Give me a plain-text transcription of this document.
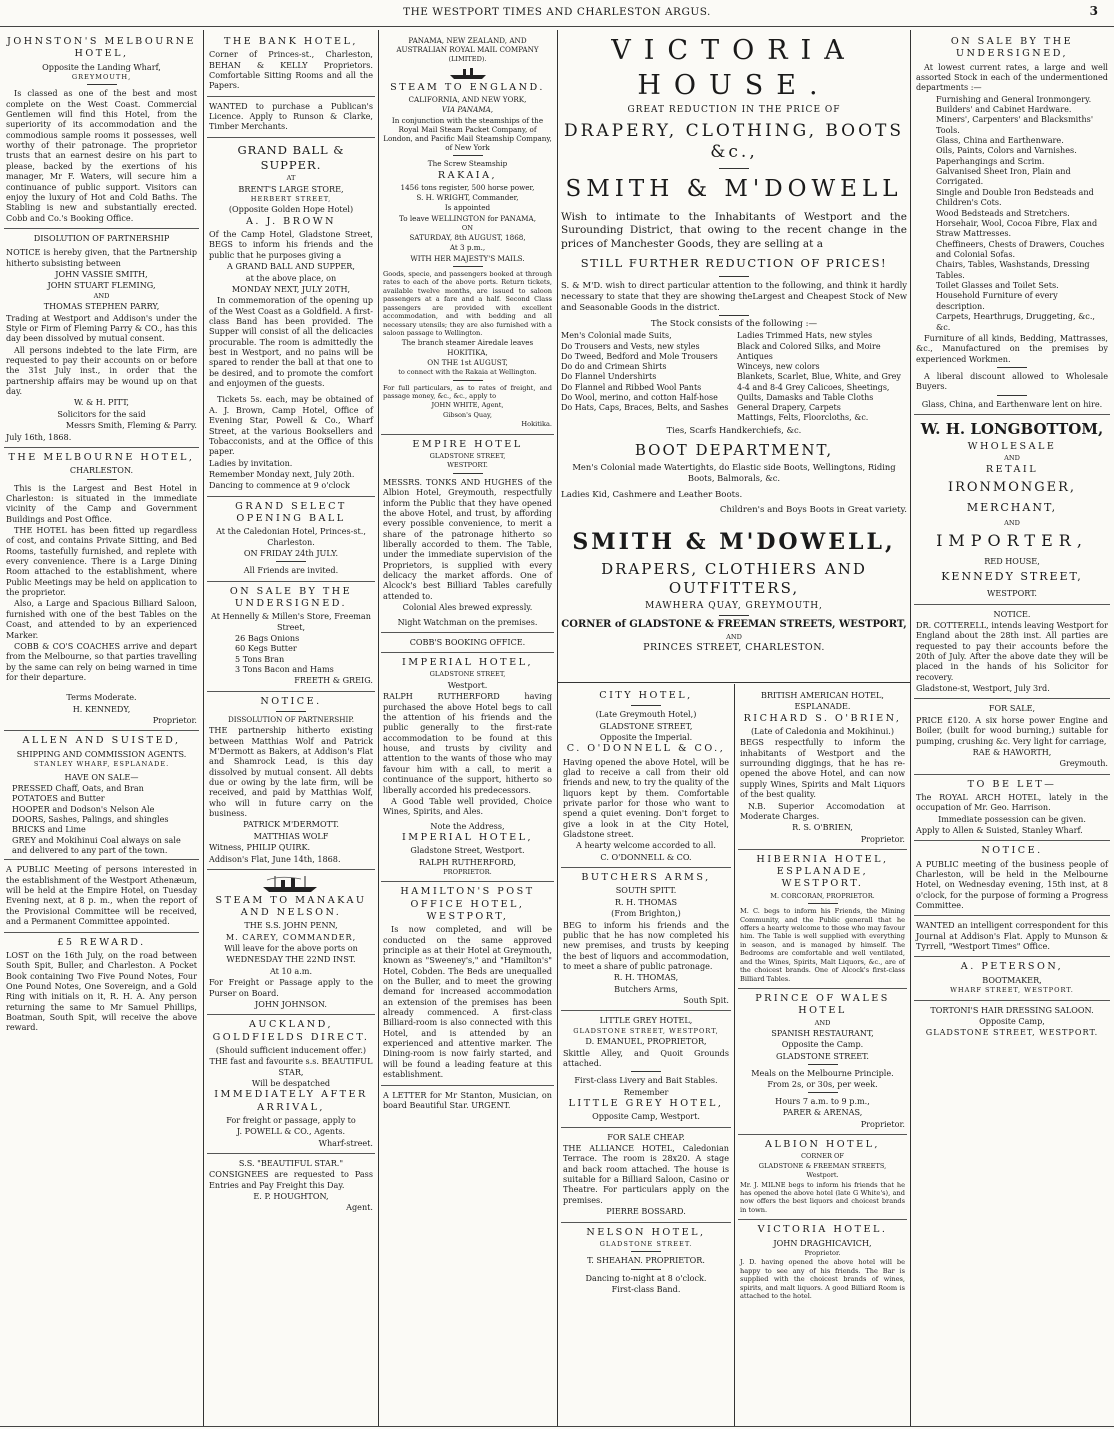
THE WESTPORT TIMES AND CHARLESTON ARGUS.	3
JOHNSTON'S MELBOURNE HOTEL,

Opposite the Landing Wharf,

GREYMOUTH,

Is classed as one of the best and most complete on the West Coast. Commercial Gentlemen will find this Hotel, from the superiority of its accommodation and the commodious sample rooms it possesses, well worthy of their patronage. The proprietor trusts that an earnest desire on his part to please, backed by the exertions of his manager, Mr F. Waters, will secure him a continuance of public support. Visitors can enjoy the luxury of Hot and Cold Baths. The Stabling is new and substantially erected. Cobb and Co.'s Booking Office.

DISOLUTION OF PARTNERSHIP

NOTICE is hereby given, that the Partnership hitherto subsisting between

JOHN VASSIE SMITH,

JOHN STUART FLEMING,

AND

THOMAS STEPHEN PARRY,

Trading at Westport and Addison's under the Style or Firm of Fleming Parry & CO., has this day been dissolved by mutual consent.

All persons indebted to the late Firm, are requested to pay their accounts on or before the 31st July inst., in order that the partnership affairs may be wound up on that day.

W. & H. PITT,

Solicitors for the said

Messrs Smith, Fleming & Parry.

July 16th, 1868.

THE MELBOURNE HOTEL,

CHARLESTON.

This is the Largest and Best Hotel in Charleston: is situated in the immediate vicinity of the Camp and Government Buildings and Post Office.

THE HOTEL has been fitted up regardless of cost, and contains Private Sitting, and Bed Rooms, tastefully furnished, and replete with every convenience. There is a Large Dining Room attached to the establishment, where Public Meetings may be held on application to the proprietor.

Also, a Large and Spacious Billiard Saloon, furnished with one of the best Tables on the Coast, and attended to by an experienced Marker.

COBB & CO'S COACHES arrive and depart from the Melbourne, so that parties travelling by the same can rely on being warned in time for their departure.

Terms Moderate.

H. KENNEDY,

Proprietor.

ALLEN AND SUISTED,

SHIPPING AND COMMISSION AGENTS.

STANLEY WHARF, ESPLANADE.

HAVE ON SALE—

PRESSED Chaff, Oats, and Bran

POTATOES and Butter

HOOPER and Dodson's Nelson Ale

DOORS, Sashes, Palings, and shingles

BRICKS and Lime

GREY and Mokihinui Coal always on sale and delivered to any part of the town.

A PUBLIC Meeting of persons interested in the establishment of the Westport Athenæum, will be held at the Empire Hotel, on Tuesday Evening next, at 8 p. m., when the report of the Provisional Committee will be received, and a Permanent Committee appointed.

£5 REWARD.

LOST on the 16th July, on the road between South Spit, Buller, and Charleston. A Pocket Book containing Two Five Pound Notes, Four One Pound Notes, One Sovereign, and a Gold Ring with initials on it, R. H. A. Any person returning the same to Mr Samuel Phillips, Boatman, South Spit, will receive the above reward.

THE BANK HOTEL,

Corner of Princes-st., Charleston, BEHAN & KELLY Proprietors. Comfortable Sitting Rooms and all the Papers.

WANTED to purchase a Publican's Licence. Apply to Runson & Clarke, Timber Merchants.

GRAND BALL & SUPPER.

AT

BRENT'S LARGE STORE,

HERBERT STREET,

(Opposite Golden Hope Hotel)

A. J. BROWN

Of the Camp Hotel, Gladstone Street, BEGS to inform his friends and the public that he purposes giving a

A GRAND BALL AND SUPPER,

at the above place, on

MONDAY NEXT, JULY 20TH,

In commemoration of the opening up of the West Coast as a Goldfield. A first-class Band has been provided. The Supper will consist of all the delicacies procurable. The room is admittedly the best in Westport, and no pains will be spared to render the ball at that one to be desired, and to promote the comfort and enjoymen of the guests.

Tickets 5s. each, may be obtained of A. J. Brown, Camp Hotel, Office of Evening Star, Powell & Co., Wharf Street, at the various Booksellers and Tobacconists, and at the Office of this paper.

Ladies by invitation.

Remember Monday next, July 20th.

Dancing to commence at 9 o'clock

GRAND SELECT OPENING BALL

At the Caledonian Hotel, Princes-st., Charleston.

ON FRIDAY 24th JULY.

All Friends are invited.

ON SALE BY THE UNDERSIGNED.

At Hennelly & Millen's Store, Freeman Street,

26 Bags Onions

60 Kegs Butter

5 Tons Bran

3 Tons Bacon and Hams

FREETH & GREIG.

NOTICE.

DISSOLUTION OF PARTNERSHIP.

THE partnership hitherto existing between Matthias Wolf and Patrick M'Dermott as Bakers, at Addison's Flat and Shamrock Lead, is this day dissolved by mutual consent. All debts due or owing by the late firm, will be received, and paid by Matthias Wolf, who will in future carry on the business.

PATRICK M'DERMOTT.

MATTHIAS WOLF

Witness, PHILIP QUIRK.

Addison's Flat, June 14th, 1868.

STEAM TO MANAKAU AND NELSON.

THE S.S. JOHN PENN,

M. CAREY, COMMANDER,

Will leave for the above ports on

WEDNESDAY THE 22ND INST.

At 10 a.m.

For Freight or Passage apply to the Purser on Board.

JOHN JOHNSON.

AUCKLAND, GOLDFIELDS DIRECT.

(Should sufficient inducement offer.)

THE fast and favourite s.s. BEAUTIFUL STAR,

Will be despatched

IMMEDIATELY AFTER ARRIVAL,

For freight or passage, apply to

J. POWELL & CO., Agents.

Wharf-street.

S.S. "BEAUTIFUL STAR."

CONSIGNEES are requested to Pass Entries and Pay Freight this Day.

E. P. HOUGHTON,

Agent.

PANAMA, NEW ZEALAND, AND AUSTRALIAN ROYAL MAIL COMPANY

(LIMITED).

STEAM TO ENGLAND.

CALIFORNIA, AND NEW YORK,

VIA PANAMA,

In conjunction with the steamships of the Royal Mail Steam Packet Company, of London, and Pacific Mail Steamship Company, of New York

The Screw Steamship

RAKAIA,

1456 tons register, 500 horse power,

S. H. WRIGHT, Commander,

Is appointed

To leave WELLINGTON for PANAMA,

ON

SATURDAY, 8th AUGUST, 1868,

At 3 p.m.,

WITH HER MAJESTY'S MAILS.

Goods, specie, and passengers booked at through rates to each of the above ports. Return tickets, available twelve months, are issued to saloon passengers at a fare and a half. Second Class passengers are provided with excellent accommodation, and with bedding and all necessary utensils; they are also furnished with a saloon passage to Wellington.

The branch steamer Airedale leaves HOKITIKA,

ON THE 1st AUGUST,

to connect with the Rakaia at Wellington.

For full particulars, as to rates of freight, and passage money, &c., &c., apply to

JOHN WHITE, Agent,

Gibson's Quay,

Hokitika.

EMPIRE HOTEL

GLADSTONE STREET,

WESTPORT.

MESSRS. TONKS AND HUGHES of the Albion Hotel, Greymouth, respectfully inform the Public that they have opened the above Hotel, and trust, by affording every possible convenience, to merit a share of the patronage hitherto so liberally accorded to them. The Table, under the immediate supervision of the Proprietors, is supplied with every delicacy the market affords. One of Alcock's best Billiard Tables carefully attended to.

Colonial Ales brewed expressly.

Night Watchman on the premises.

COBB'S BOOKING OFFICE.

IMPERIAL HOTEL,

GLADSTONE STREET,

Westport.

RALPH RUTHERFORD having purchased the above Hotel begs to call the attention of his friends and the public generally to the first-rate accommodation to be found at this house, and trusts by civility and attention to the wants of those who may favour him with a call, to merit a continuance of the support, hitherto so liberally accorded his predecessors.

A Good Table well provided, Choice Wines, Spirits, and Ales.

Note the Address,

IMPERIAL HOTEL,

Gladstone Street, Westport.

RALPH RUTHERFORD,

PROPRIETOR.

HAMILTON'S POST OFFICE HOTEL, WESTPORT,

Is now completed, and will be conducted on the same approved principle as at their Hotel at Greymouth, known as "Sweeney's," and "Hamilton's" Hotel, Cobden. The Beds are unequalled on the Buller, and to meet the growing demand for increased accommodation an extension of the premises has been already commenced. A first-class Billiard-room is also connected with this Hotel, and is attended by an experienced and attentive marker. The Dining-room is now fairly started, and will be found a leading feature at this establishment.

A LETTER for Mr Stanton, Musician, on board Beautiful Star. URGENT.

VICTORIA HOUSE.

GREAT REDUCTION IN THE PRICE OF

DRAPERY, CLOTHING, BOOTS &c.,
SMITH & M'DOWELL

Wish to intimate to the Inhabitants of Westport and the Surounding District, that owing to the recent change in the prices of Manchester Goods, they are selling at a

STILL FURTHER REDUCTION OF PRICES!

S. & M'D. wish to direct particular attention to the following, and think it hardly necessary to state that they are showing theLargest and Cheapest Stock of New and Seasonable Goods in the district.

The Stock consists of the following :—

Men's Colonial made Suits,

Do Trousers and Vests, new styles

Do Tweed, Bedford and Mole Trousers

Do do and Crimean Shirts

Do Flannel Undershirts

Do Flannel and Ribbed Wool Pants

Do Wool, merino, and cotton Half-hose

Do Hats, Caps, Braces, Belts, and Sashes

Ladies Trimmed Hats, new styles

Black and Colored Silks, and Moire Antiques

Winceys, new colors

Blankets, Scarlet, Blue, White, and Grey

4-4 and 8-4 Grey Calicoes, Sheetings,

Quilts, Damasks and Table Cloths

General Drapery, Carpets

Mattings, Felts, Floorcloths, &c.

Ties, Scarfs Handkerchiefs, &c.

BOOT DEPARTMENT,

Men's Colonial made Watertights, do Elastic side Boots, Wellingtons, Riding Boots, Balmorals, &c.

Ladies Kid, Cashmere and Leather Boots.

Children's and Boys Boots in Great variety.

SMITH & M'DOWELL,
DRAPERS, CLOTHIERS AND OUTFITTERS,

MAWHERA QUAY, GREYMOUTH,

CORNER of GLADSTONE & FREEMAN STREETS, WESTPORT,

AND

PRINCES STREET, CHARLESTON.

CITY HOTEL,

(Late Greymouth Hotel,)

GLADSTONE STREET,

Opposite the Imperial.

C. O'DONNELL & CO.,

Having opened the above Hotel, will be glad to receive a call from their old friends and new, to try the quality of the liquors kept by them. Comfortable private parlor for those who want to spend a quiet evening. Don't forget to give a look in at the City Hotel, Gladstone street.

A hearty welcome accorded to all.

C. O'DONNELL & CO.

BUTCHERS ARMS,

SOUTH SPITT.

R. H. THOMAS

(From Brighton,)

BEG to inform his friends and the public that he has now completed his new premises, and trusts by keeping the best of liquors and accommodation, to meet a share of public patronage.

R. H. THOMAS,

Butchers Arms,

South Spit.

LITTLE GREY HOTEL,

GLADSTONE STREET, WESTPORT,

D. EMANUEL, PROPRIETOR,

Skittle Alley, and Quoit Grounds attached.

First-class Livery and Bait Stables.

Remember

LITTLE GREY HOTEL,

Opposite Camp, Westport.

FOR SALE CHEAP.

THE ALLIANCE HOTEL, Caledonian Terrace. The room is 28x20. A stage and back room attached. The house is suitable for a Billiard Saloon, Casino or Theatre. For particulars apply on the premises.

PIERRE BOSSARD.

NELSON HOTEL,

GLADSTONE STREET.

T. SHEAHAN. PROPRIETOR.

Dancing to-night at 8 o'clock.

First-class Band.

BRITISH AMERICAN HOTEL,

ESPLANADE.

RICHARD S. O'BRIEN,

(Late of Caledonia and Mokihinui.)

BEGS respectfully to inform the inhabitants of Westport and the surrounding diggings, that he has re-opened the above Hotel, and can now supply Wines, Spirits and Malt Liquors of the best quality.

N.B. Superior Accomodation at Moderate Charges.

R. S. O'BRIEN,

Proprietor.

HIBERNIA HOTEL, ESPLANADE, WESTPORT.

M. CORCORAN, PROPRIETOR.

M. C. begs to inform his Friends, the Mining Community, and the Public generall that he offers a hearty welcome to those who may favour him. The Table is well supplied with everything in season, and is managed by himself. The Bedrooms are comfortable and well ventilated, and the Wines, Spirits, Malt Liquors, &c., are of the choicest brands. One of Alcock's first-class Billiard Tables.

PRINCE OF WALES HOTEL

AND

SPANISH RESTAURANT,

Opposite the Camp.

GLADSTONE STREET.

Meals on the Melbourne Principle. From 2s, or 30s, per week.

Hours 7 a.m. to 9 p.m.,

PARER & ARENAS,

Proprietor.

ALBION HOTEL,

CORNER OF

GLADSTONE & FREEMAN STREETS,

Westport.

Mr. J. MILNE begs to inform his friends that he has opened the above hotel (late G White's), and now offers the best liquors and choicest brands in town.

VICTORIA HOTEL.

JOHN DRAGHICAVICH,

Proprietor.

J. D. having opened the above hotel will be happy to see any of his friends. The Bar is supplied with the choicest brands of wines, spirits, and malt liquors. A good Billiard Room is attached to the hotel.

ON SALE BY THE UNDERSIGNED,

At lowest current rates, a large and well assorted Stock in each of the undermentioned departments :—

Furnishing and General Ironmongery.

Builders' and Cabinet Hardware.

Miners', Carpenters' and Blacksmiths' Tools.

Glass, China and Earthenware.

Oils, Paints, Colors and Varnishes.

Paperhangings and Scrim.

Galvanised Sheet Iron, Plain and Corrigated.

Single and Double Iron Bedsteads and Children's Cots.

Wood Bedsteads and Stretchers.

Horsehair, Wool, Cocoa Fibre, Flax and Straw Mattresses.

Cheffineers, Chests of Drawers, Couches and Colonial Sofas.

Chairs, Tables, Washstands, Dressing Tables.

Toilet Glasses and Toilet Sets.

Household Furniture of every description.

Carpets, Hearthrugs, Druggeting, &c., &c.

Furniture of all kinds, Bedding, Mattrasses, &c., Manufactured on the premises by experienced Workmen.

A liberal discount allowed to Wholesale Buyers.

Glass, China, and Earthenware lent on hire.

W. H. LONGBOTTOM,
WHOLESALE

AND

RETAIL
IRONMONGER,
MERCHANT,

AND

IMPORTER,

RED HOUSE,

KENNEDY STREET,

WESTPORT.

NOTICE.

DR. COTTERELL, intends leaving Westport for England about the 28th inst. All parties are requested to pay their accounts before the 20th of July. After the above date they will be placed in the hands of his Solicitor for recovery.

Gladstone-st, Westport, July 3rd.

FOR SALE,

PRICE £120. A six horse power Engine and Boiler, (built for wood burning,) suitable for pumping, crushing &c. Very light for carriage,

RAE & HAWORTH,

Greymouth.

TO BE LET—

The ROYAL ARCH HOTEL, lately in the occupation of Mr. Geo. Harrison.

Immediate possession can be given.

Apply to Allen & Suisted, Stanley Wharf.

NOTICE.

A PUBLIC meeting of the business people of Charleston, will be held in the Melbourne Hotel, on Wednesday evening, 15th inst, at 8 o'clock, for the purpose of forming a Progress Committee.

WANTED an intelligent correspondent for this Journal at Addison's Flat. Apply to Munson & Tyrrell, "Westport Times" Office.

A. PETERSON,

BOOTMAKER,

WHARF STREET, WESTPORT.

TORTONI'S HAIR DRESSING SALOON.

Opposite Camp,

GLADSTONE STREET, WESTPORT.
